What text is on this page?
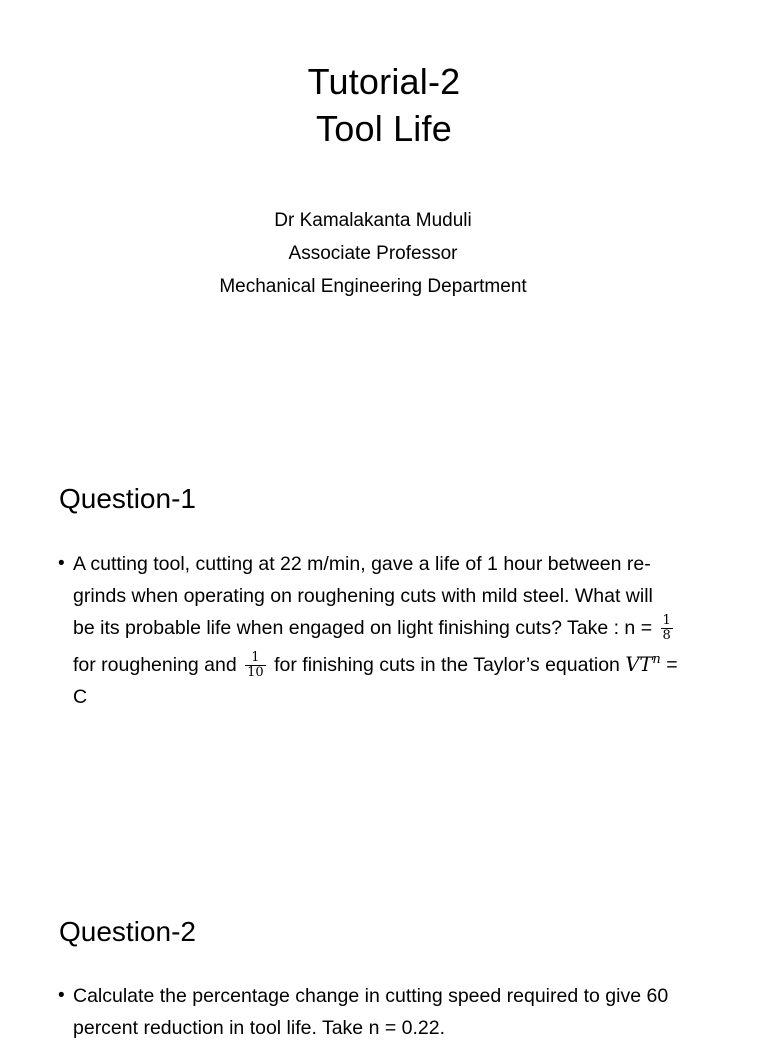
Tutorial-2
Tool Life
Dr Kamalakanta Muduli
Associate Professor
Mechanical Engineering Department
Question-1
• A cutting tool, cutting at 22 m/min, gave a life of 1 hour between re-
grinds when operating on roughening cuts with mild steel. What will
be its probable life when engaged on light finishing cuts? Take : $n = \frac{1}{8}$
for roughening and $\frac{1}{10}$ for finishing cuts in the Taylor’s equation $VT^n$ =
C
Question-2
• Calculate the percentage change in cutting speed required to give 60
percent reduction in tool life. Take n = 0.22.
